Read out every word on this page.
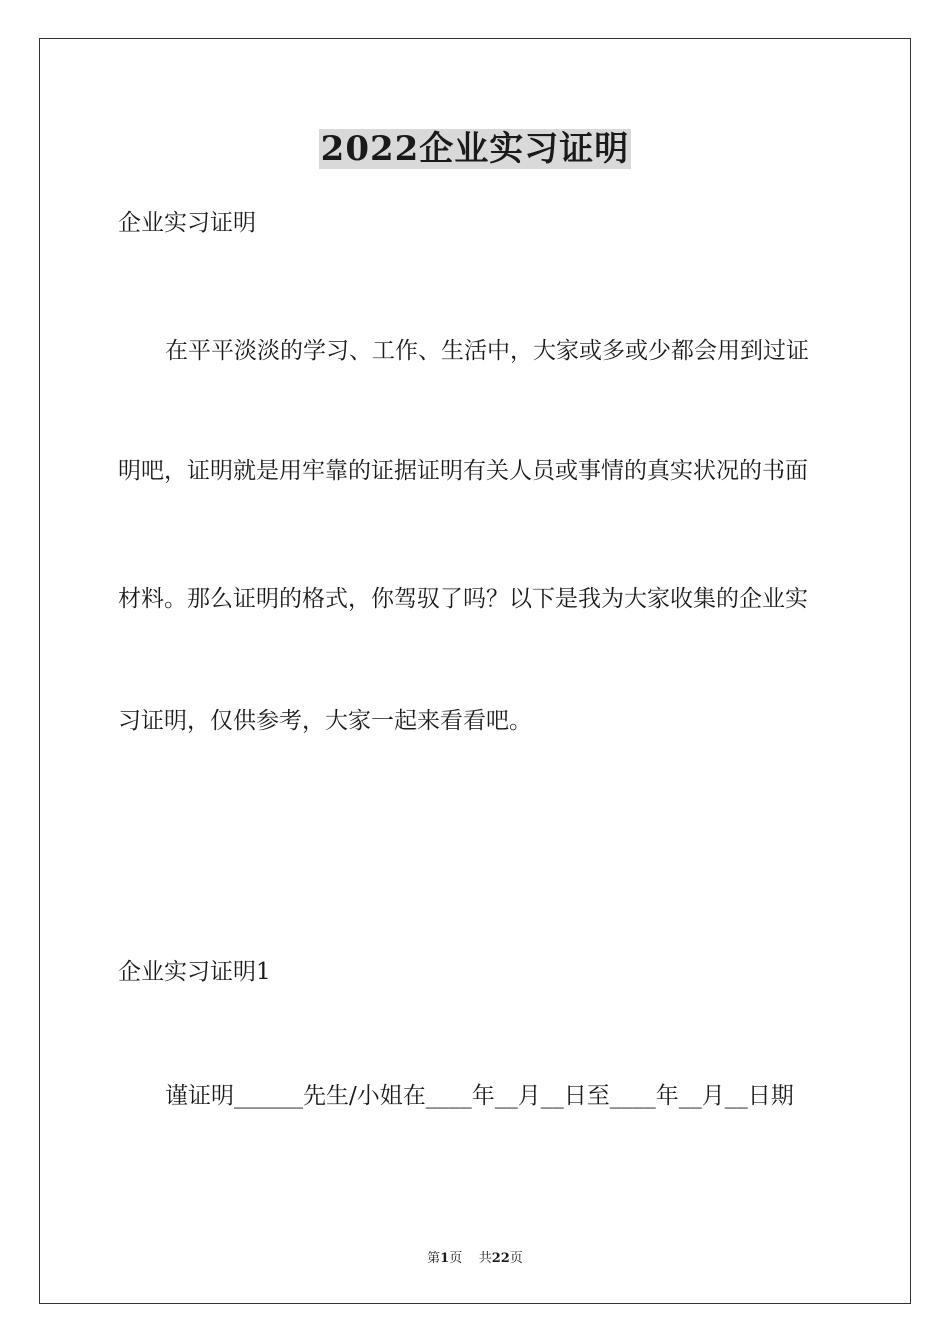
2022企业实习证明
企业实习证明
在平平淡淡的学习、工作、生活中，大家或多或少都会用到过证
明吧，证明就是用牢靠的证据证明有关人员或事情的真实状况的书面
材料。那么证明的格式，你驾驭了吗？以下是我为大家收集的企业实
习证明，仅供参考，大家一起来看看吧。
企业实习证明1
谨证明______先生/小姐在____年__月__日至____年__月__日期
第1页 共22页
